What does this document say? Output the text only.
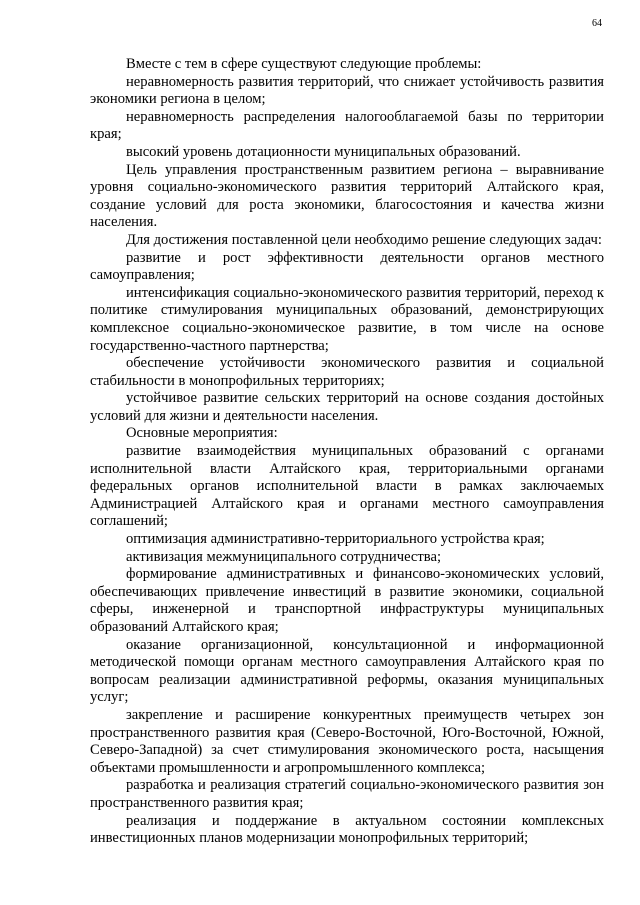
64

Вместе с тем в сфере существуют следующие проблемы:

неравномерность развития территорий, что снижает устойчивость развития экономики региона в целом;

неравномерность распределения налогооблагаемой базы по территории края;

высокий уровень дотационности муниципальных образований.

Цель управления пространственным развитием региона – выравнивание уровня социально-экономического развития территорий Алтайского края, создание условий для роста экономики, благосостояния и качества жизни населения.

Для достижения поставленной цели необходимо решение следующих задач:

развитие и рост эффективности деятельности органов местного самоуправления;

интенсификация социально-экономического развития территорий, переход к политике стимулирования муниципальных образований, демонстрирующих комплексное социально-экономическое развитие, в том числе на основе государственно-частного партнерства;

обеспечение устойчивости экономического развития и социальной стабильности в монопрофильных территориях;

устойчивое развитие сельских территорий на основе создания достойных условий для жизни и деятельности населения.

Основные мероприятия:

развитие взаимодействия муниципальных образований с органами исполнительной власти Алтайского края, территориальными органами федеральных органов исполнительной власти в рамках заключаемых Администрацией Алтайского края и органами местного самоуправления соглашений;

оптимизация административно-территориального устройства края;

активизация межмуниципального сотрудничества;

формирование административных и финансово-экономических условий, обеспечивающих привлечение инвестиций в развитие экономики, социальной сферы, инженерной и транспортной инфраструктуры муниципальных образований Алтайского края;

оказание организационной, консультационной и информационной методической помощи органам местного самоуправления Алтайского края по вопросам реализации административной реформы, оказания муниципальных услуг;

закрепление и расширение конкурентных преимуществ четырех зон пространственного развития края (Северо-Восточной, Юго-Восточной, Южной, Северо-Западной) за счет стимулирования экономического роста, насыщения объектами промышленности и агропромышленного комплекса;

разработка и реализация стратегий социально-экономического развития зон пространственного развития края;

реализация и поддержание в актуальном состоянии комплексных инвестиционных планов модернизации монопрофильных территорий;
